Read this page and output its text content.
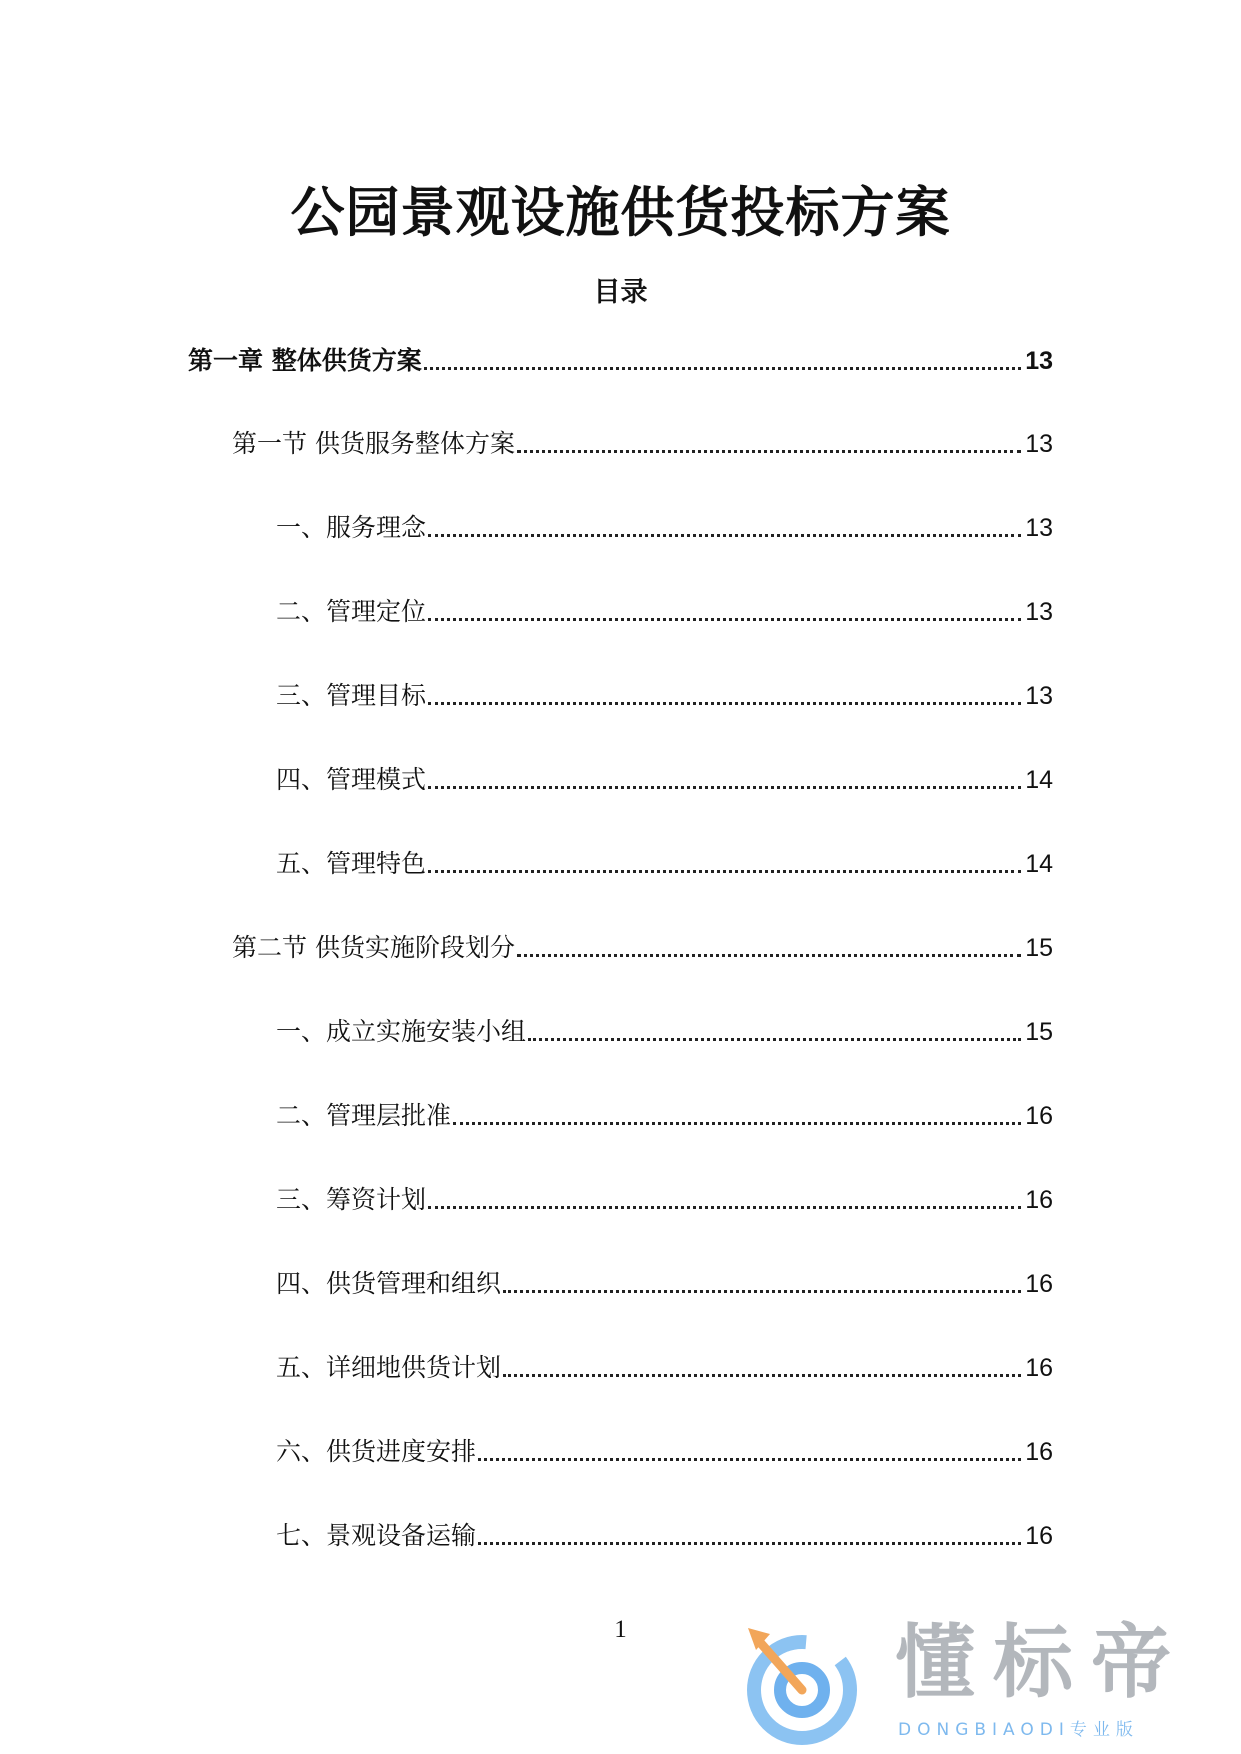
公园景观设施供货投标方案
目录
第一章 整体供货方案	13
第一节 供货服务整体方案	13
一、服务理念	13
二、管理定位	13
三、管理目标	13
四、管理模式	14
五、管理特色	14
第二节 供货实施阶段划分	15
一、成立实施安装小组	15
二、管理层批准	16
三、筹资计划	16
四、供货管理和组织	16
五、详细地供货计划	16
六、供货进度安排	16
七、景观设备运输	16

1	懂标帝
DONGBIAODI专业版
